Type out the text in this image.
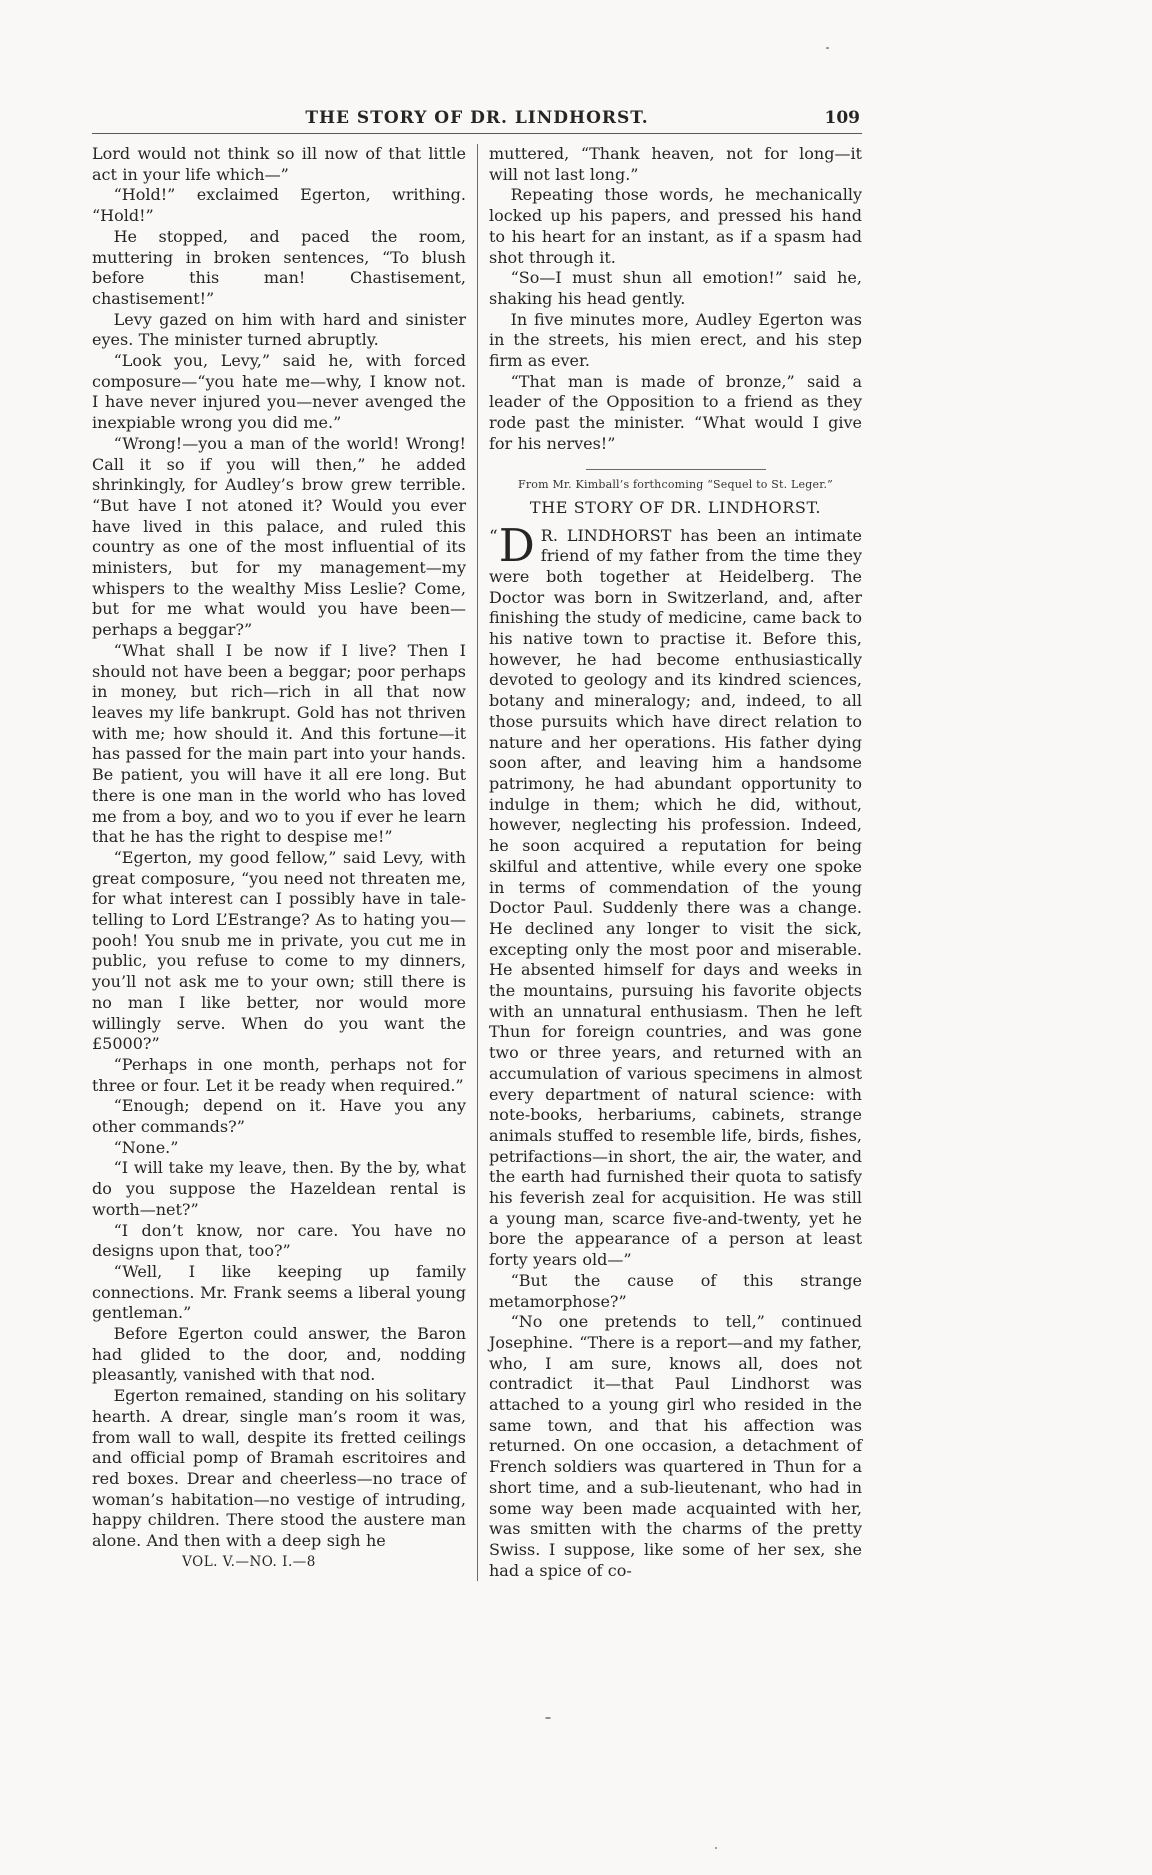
THE STORY OF DR. LINDHORST.	109

Lord would not think so ill now of that little act in your life which—”

“Hold!” exclaimed Egerton, writhing. “Hold!”

He stopped, and paced the room, muttering in broken sentences, “To blush before this man! Chastisement, chastisement!”

Levy gazed on him with hard and sinister eyes. The minister turned abruptly.

“Look you, Levy,” said he, with forced composure—“you hate me—why, I know not. I have never injured you—never avenged the inexpiable wrong you did me.”

“Wrong!—you a man of the world! Wrong! Call it so if you will then,” he added shrinkingly, for Audley’s brow grew terrible. “But have I not atoned it? Would you ever have lived in this palace, and ruled this country as one of the most influential of its ministers, but for my management—my whispers to the wealthy Miss Leslie? Come, but for me what would you have been—perhaps a beggar?”

“What shall I be now if I live? Then I should not have been a beggar; poor perhaps in money, but rich—rich in all that now leaves my life bankrupt. Gold has not thriven with me; how should it. And this fortune—it has passed for the main part into your hands. Be patient, you will have it all ere long. But there is one man in the world who has loved me from a boy, and wo to you if ever he learn that he has the right to despise me!”

“Egerton, my good fellow,” said Levy, with great composure, “you need not threaten me, for what interest can I possibly have in tale-telling to Lord L’Estrange? As to hating you—pooh! You snub me in private, you cut me in public, you refuse to come to my dinners, you’ll not ask me to your own; still there is no man I like better, nor would more willingly serve. When do you want the £5000?”

“Perhaps in one month, perhaps not for three or four. Let it be ready when required.”

“Enough; depend on it. Have you any other commands?”

“None.”

“I will take my leave, then. By the by, what do you suppose the Hazeldean rental is worth—net?”

“I don’t know, nor care. You have no designs upon that, too?”

“Well, I like keeping up family connections. Mr. Frank seems a liberal young gentleman.”

Before Egerton could answer, the Baron had glided to the door, and, nodding pleasantly, vanished with that nod.

Egerton remained, standing on his solitary hearth. A drear, single man’s room it was, from wall to wall, despite its fretted ceilings and official pomp of Bramah escritoires and red boxes. Drear and cheerless—no trace of woman’s habitation—no vestige of intruding, happy children. There stood the austere man alone. And then with a deep sigh he

VOL. V.—NO. I.—8

muttered, “Thank heaven, not for long—it will not last long.”

Repeating those words, he mechanically locked up his papers, and pressed his hand to his heart for an instant, as if a spasm had shot through it.

“So—I must shun all emotion!” said he, shaking his head gently.

In five minutes more, Audley Egerton was in the streets, his mien erect, and his step firm as ever.

“That man is made of bronze,” said a leader of the Opposition to a friend as they rode past the minister. “What would I give for his nerves!”

From Mr. Kimball’s forthcoming “Sequel to St. Leger.”

THE STORY OF DR. LINDHORST.

“ D R. LINDHORST has been an intimate friend of my father from the time they were both together at Heidelberg. The Doctor was born in Switzerland, and, after finishing the study of medicine, came back to his native town to practise it. Before this, however, he had become enthusiastically devoted to geology and its kindred sciences, botany and mineralogy; and, indeed, to all those pursuits which have direct relation to nature and her operations. His father dying soon after, and leaving him a handsome patrimony, he had abundant opportunity to indulge in them; which he did, without, however, neglecting his profession. Indeed, he soon acquired a reputation for being skilful and attentive, while every one spoke in terms of commendation of the young Doctor Paul. Suddenly there was a change. He declined any longer to visit the sick, excepting only the most poor and miserable. He absented himself for days and weeks in the mountains, pursuing his favorite objects with an unnatural enthusiasm. Then he left Thun for foreign countries, and was gone two or three years, and returned with an accumulation of various specimens in almost every department of natural science: with note-books, herbariums, cabinets, strange animals stuffed to resemble life, birds, fishes, petrifactions—in short, the air, the water, and the earth had furnished their quota to satisfy his feverish zeal for acquisition. He was still a young man, scarce five-and-twenty, yet he bore the appearance of a person at least forty years old—”

“But the cause of this strange metamorphose?”

“No one pretends to tell,” continued Josephine. “There is a report—and my father, who, I am sure, knows all, does not contradict it—that Paul Lindhorst was attached to a young girl who resided in the same town, and that his affection was returned. On one occasion, a detachment of French soldiers was quartered in Thun for a short time, and a sub-lieutenant, who had in some way been made acquainted with her, was smitten with the charms of the pretty Swiss. I suppose, like some of her sex, she had a spice of co-
